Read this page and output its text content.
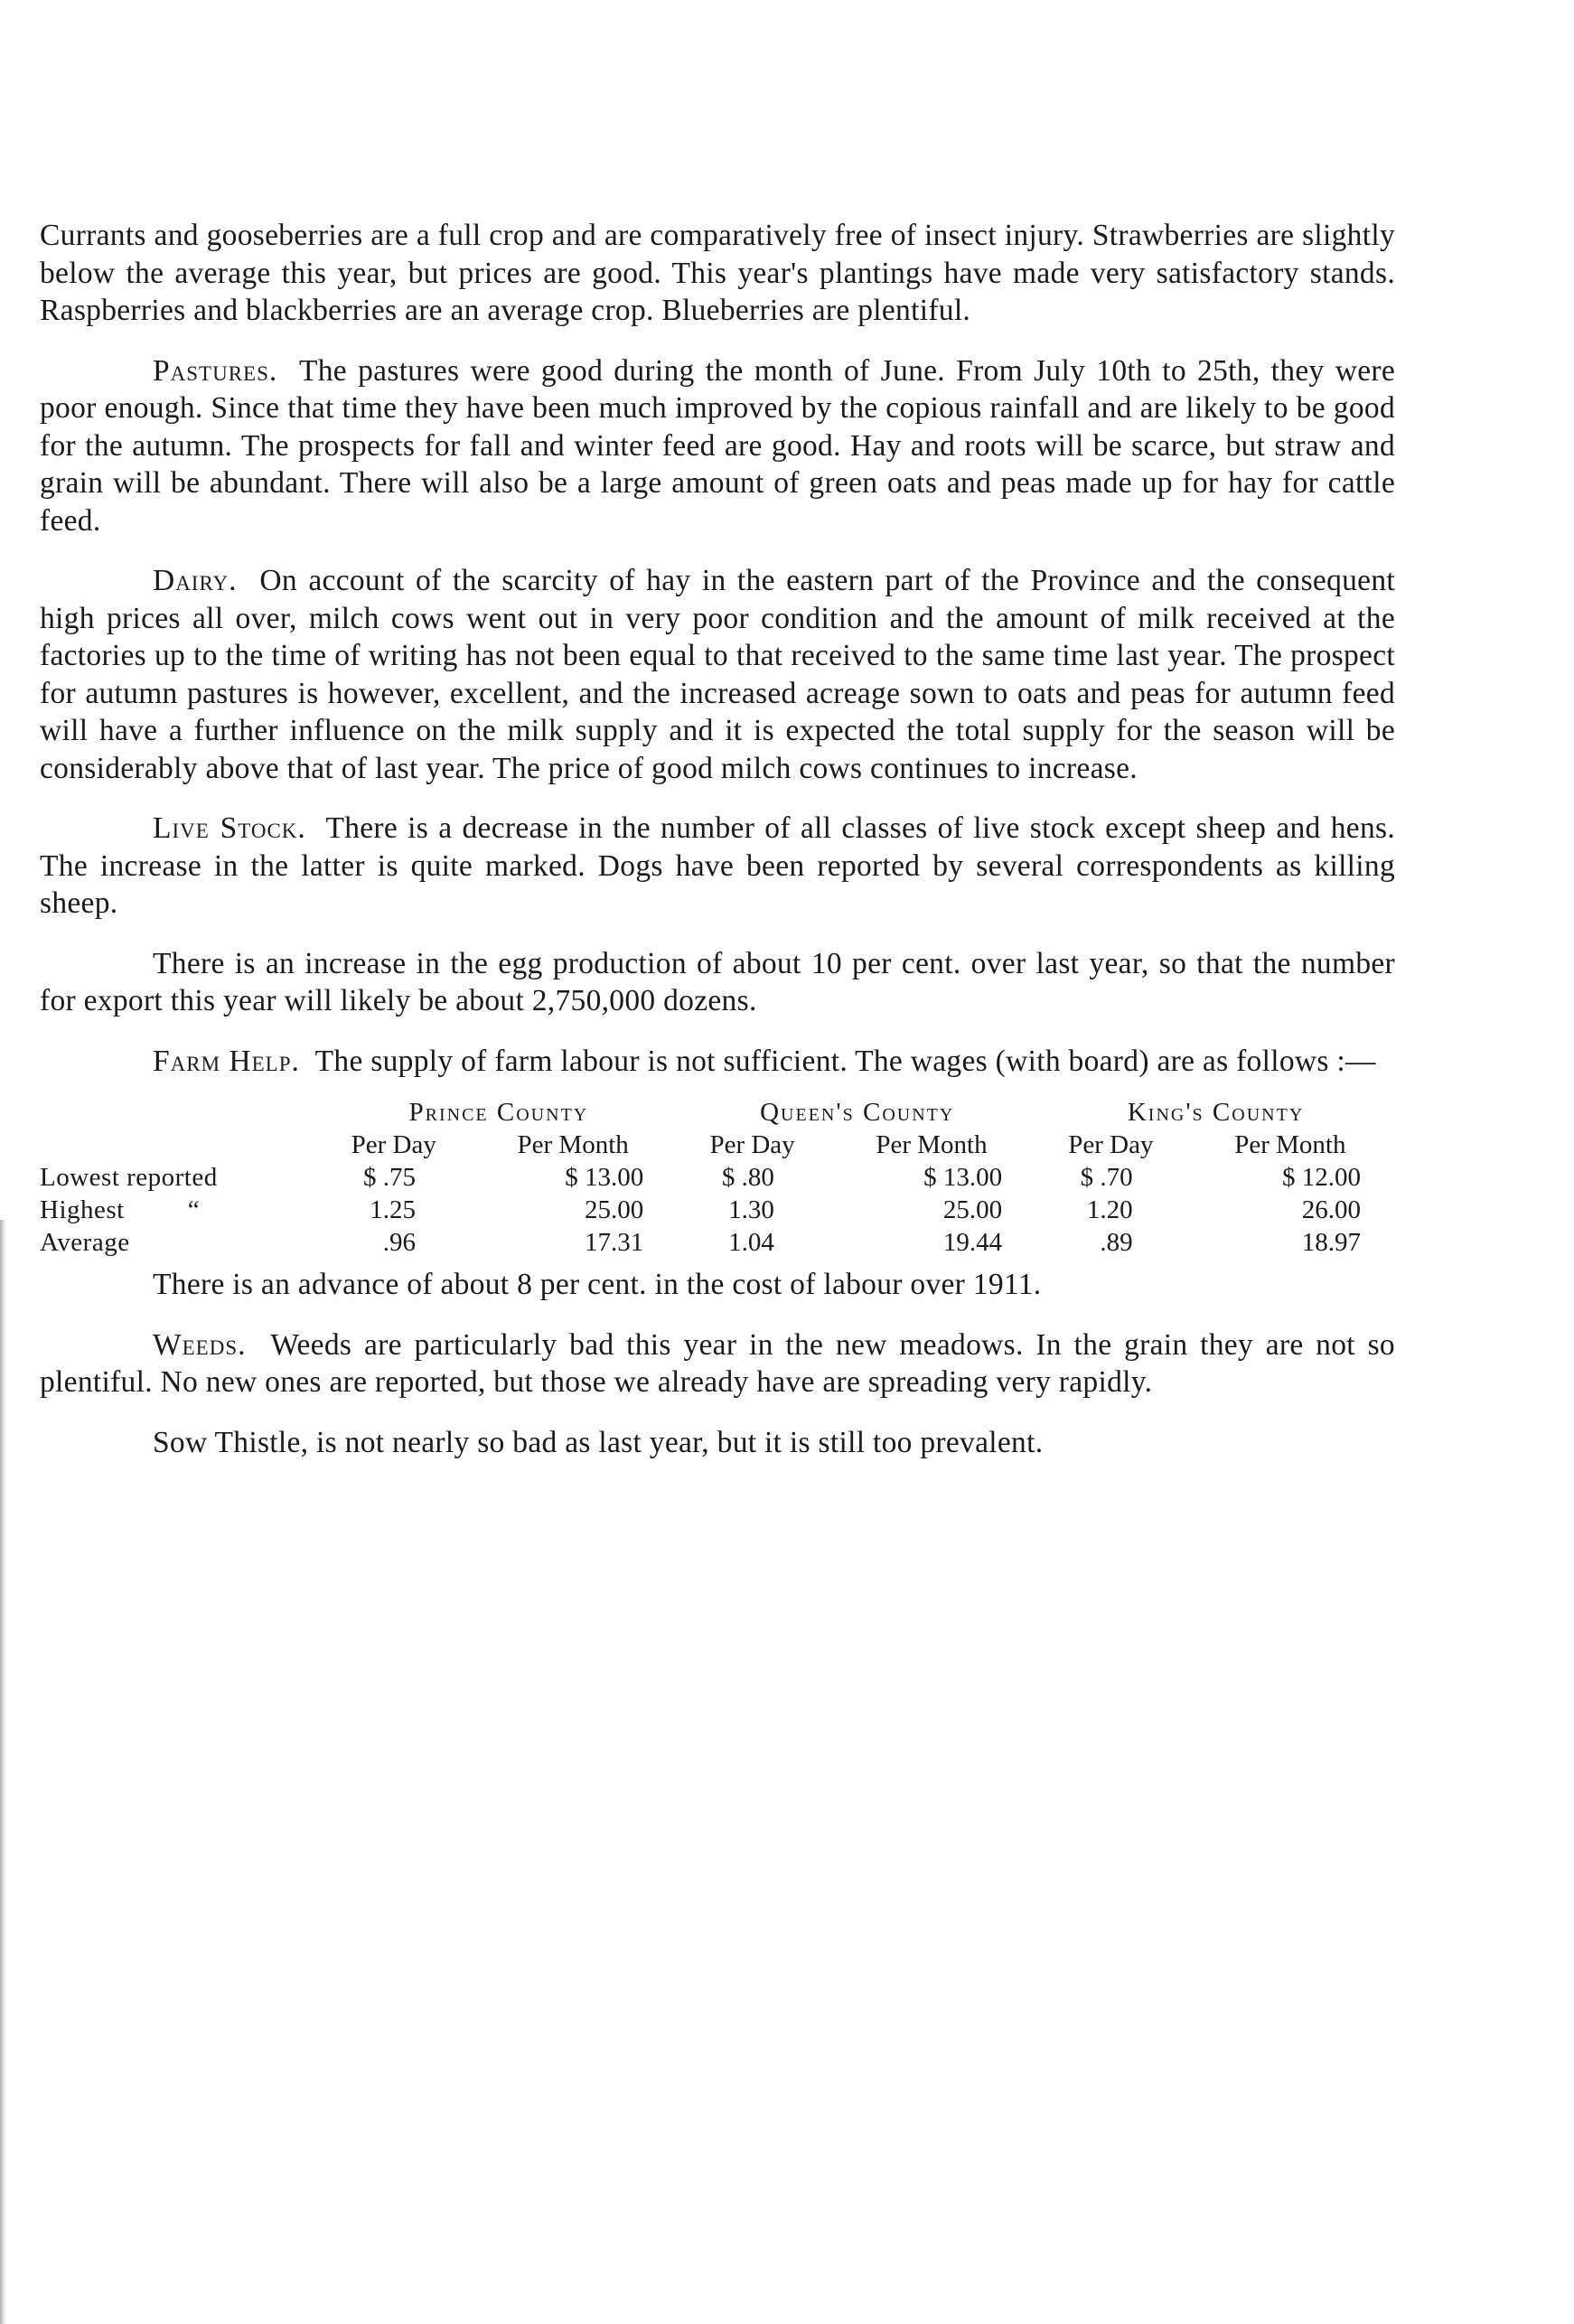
Currants and gooseberries are a full crop and are comparatively free of insect injury. Strawberries are slightly below the average this year, but prices are good. This year's plantings have made very satisfactory stands. Raspberries and blackberries are an average crop. Blueberries are plentiful.

Pastures. The pastures were good during the month of June. From July 10th to 25th, they were poor enough. Since that time they have been much improved by the copious rainfall and are likely to be good for the autumn. The prospects for fall and winter feed are good. Hay and roots will be scarce, but straw and grain will be abundant. There will also be a large amount of green oats and peas made up for hay for cattle feed.

Dairy. On account of the scarcity of hay in the eastern part of the Province and the consequent high prices all over, milch cows went out in very poor condition and the amount of milk received at the factories up to the time of writing has not been equal to that received to the same time last year. The prospect for autumn pastures is however, excellent, and the increased acreage sown to oats and peas for autumn feed will have a further influence on the milk supply and it is expected the total supply for the season will be considerably above that of last year. The price of good milch cows continues to increase.

Live Stock. There is a decrease in the number of all classes of live stock except sheep and hens. The increase in the latter is quite marked. Dogs have been reported by several correspondents as killing sheep.

There is an increase in the egg production of about 10 per cent. over last year, so that the number for export this year will likely be about 2,750,000 dozens.

Farm Help. The supply of farm labour is not sufficient. The wages (with board) are as follows :—

	Prince County		Queen's County		King's County	
	Per Day	Per Month	Per Day	Per Month	Per Day	Per Month
Lowest reported	$ .75	$ 13.00	$ .80	$ 13.00	$ .70	$ 12.00
Highest “	1.25	25.00	1.30	25.00	1.20	26.00
Average	.96	17.31	1.04	19.44	.89	18.97

There is an advance of about 8 per cent. in the cost of labour over 1911.

Weeds. Weeds are particularly bad this year in the new meadows. In the grain they are not so plentiful. No new ones are reported, but those we already have are spreading very rapidly.

Sow Thistle, is not nearly so bad as last year, but it is still too prevalent.
